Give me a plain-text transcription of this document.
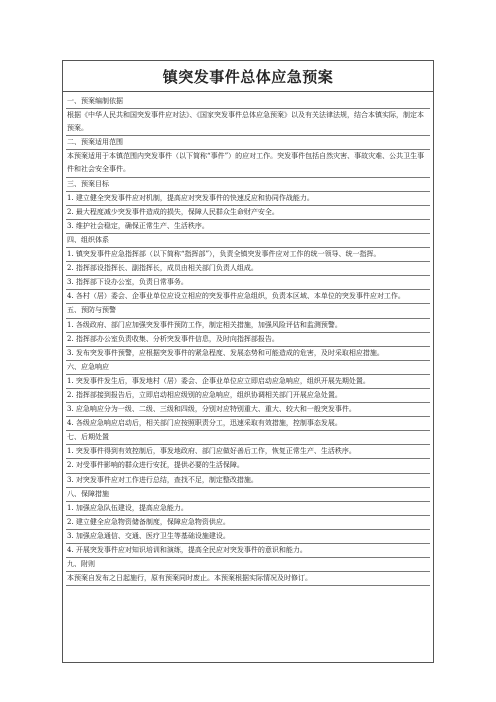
镇突发事件总体应急预案
一、预案编制依据
根据《中华人民共和国突发事件应对法》、《国家突发事件总体应急预案》以及有关法律法规，结合本镇实际，制定本预案。
二、预案适用范围
本预案适用于本镇范围内突发事件（以下简称“事件”）的应对工作。突发事件包括自然灾害、事故灾难、公共卫生事件和社会安全事件。
三、预案目标
1. 建立健全突发事件应对机制，提高应对突发事件的快速反应和协同作战能力。
2. 最大程度减少突发事件造成的损失，保障人民群众生命财产安全。
3. 维护社会稳定，确保正常生产、生活秩序。
四、组织体系
1. 镇突发事件应急指挥部（以下简称“指挥部”），负责全镇突发事件应对工作的统一领导、统一指挥。
2. 指挥部设指挥长、副指挥长，成员由相关部门负责人组成。
3. 指挥部下设办公室，负责日常事务。
4. 各村（居）委会、企事业单位应设立相应的突发事件应急组织，负责本区域、本单位的突发事件应对工作。
五、预防与预警
1. 各级政府、部门应加强突发事件预防工作，制定相关措施，加强风险评估和监测预警。
2. 指挥部办公室负责收集、分析突发事件信息，及时向指挥部报告。
3. 发布突发事件预警，应根据突发事件的紧急程度、发展态势和可能造成的危害，及时采取相应措施。
六、应急响应
1. 突发事件发生后，事发地村（居）委会、企事业单位应立即启动应急响应，组织开展先期处置。
2. 指挥部接到报告后，立即启动相应级别的应急响应，组织协调相关部门开展应急处置。
3. 应急响应分为一级、二级、三级和四级，分别对应特别重大、重大、较大和一般突发事件。
4. 各级应急响应启动后，相关部门应按照职责分工，迅速采取有效措施，控制事态发展。
七、后期处置
1. 突发事件得到有效控制后，事发地政府、部门应做好善后工作，恢复正常生产、生活秩序。
2. 对受事件影响的群众进行安抚，提供必要的生活保障。
3. 对突发事件应对工作进行总结，查找不足，制定整改措施。
八、保障措施
1. 加强应急队伍建设，提高应急能力。
2. 建立健全应急物资储备制度，保障应急物资供应。
3. 加强应急通信、交通、医疗卫生等基础设施建设。
4. 开展突发事件应对知识培训和演练，提高全民应对突发事件的意识和能力。
九、附则
本预案自发布之日起施行，原有预案同时废止。本预案根据实际情况及时修订。
